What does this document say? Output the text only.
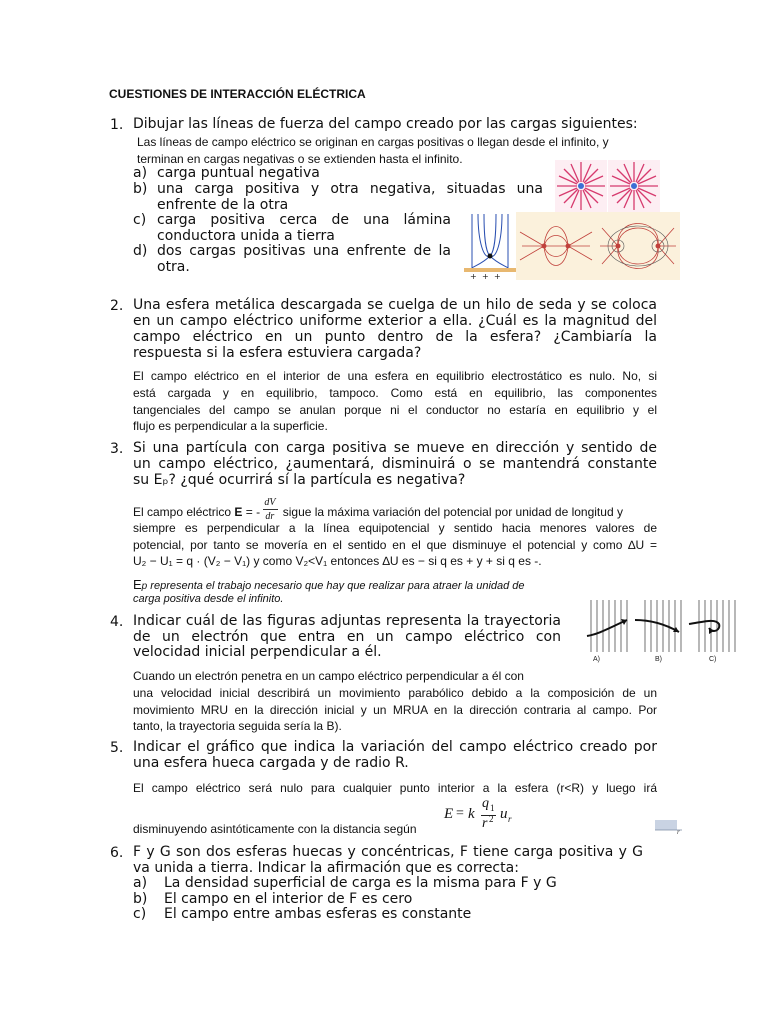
CUESTIONES DE INTERACCIÓN ELÉCTRICA
1. Dibujar las líneas de fuerza del campo creado por las cargas siguientes:
Las líneas de campo eléctrico se originan en cargas positivas o llegan desde el infinito, y
terminan en cargas negativas o se extienden hasta el infinito.
a) carga puntual negativa
b) una carga positiva y otra negativa, situadas una
enfrente de la otra
c) carga positiva cerca de una lámina
conductora unida a tierra
d) dos cargas positivas una enfrente de la
otra.
+ + +
2. Una esfera metálica descargada se cuelga de un hilo de seda y se coloca
en un campo eléctrico uniforme exterior a ella. ¿Cuál es la magnitud del
campo eléctrico en un punto dentro de la esfera? ¿Cambiaría la
respuesta si la esfera estuviera cargada?
El campo eléctrico en el interior de una esfera en equilibrio electrostático es nulo. No, si
está cargada y en equilibrio, tampoco. Como está en equilibrio, las componentes
tangenciales del campo se anulan porque ni el conductor no estaría en equilibrio y el
flujo es perpendicular a la superficie.
3. Si una partícula con carga positiva se mueve en dirección y sentido de
un campo eléctrico, ¿aumentará, disminuirá o se mantendrá constante
su Eₚ? ¿qué ocurrirá sí la partícula es negativa?
El campo eléctrico E = - $\frac{dV}{dr}$ sigue la máxima variación del potencial por unidad de longitud y
siempre es perpendicular a la línea equipotencial y sentido hacia menores valores de
potencial, por tanto se movería en el sentido en el que disminuye el potencial y como ∆U =
U₂ − U₁ = q · (V₂ − V₁) y como V₂<V₁ entonces ∆U es − si q es + y + si q es -.
Ep representa el trabajo necesario que hay que realizar para atraer la unidad de
carga positiva desde el infinito.
4. Indicar cuál de las figuras adjuntas representa la trayectoria
de un electrón que entra en un campo eléctrico con
velocidad inicial perpendicular a él.	A)	B)	C)
Cuando un electrón penetra en un campo eléctrico perpendicular a él con
una velocidad inicial describirá un movimiento parabólico debido a la composición de un
movimiento MRU en la dirección inicial y un MRUA en la dirección contraria al campo. Por
tanto, la trayectoria seguida sería la B).
5. Indicar el gráfico que indica la variación del campo eléctrico creado por
una esfera hueca cargada y de radio R.
El campo eléctrico será nulo para cualquier punto interior a la esfera (r<R) y luego irá
disminuyendo asintóticamente con la distancia según
E = k
q 1
r 2 u r
r
6. F y G son dos esferas huecas y concéntricas, F tiene carga positiva y G
va unida a tierra. Indicar la afirmación que es correcta:
a) La densidad superficial de carga es la misma para F y G
b) El campo en el interior de F es cero
c) El campo entre ambas esferas es constante
